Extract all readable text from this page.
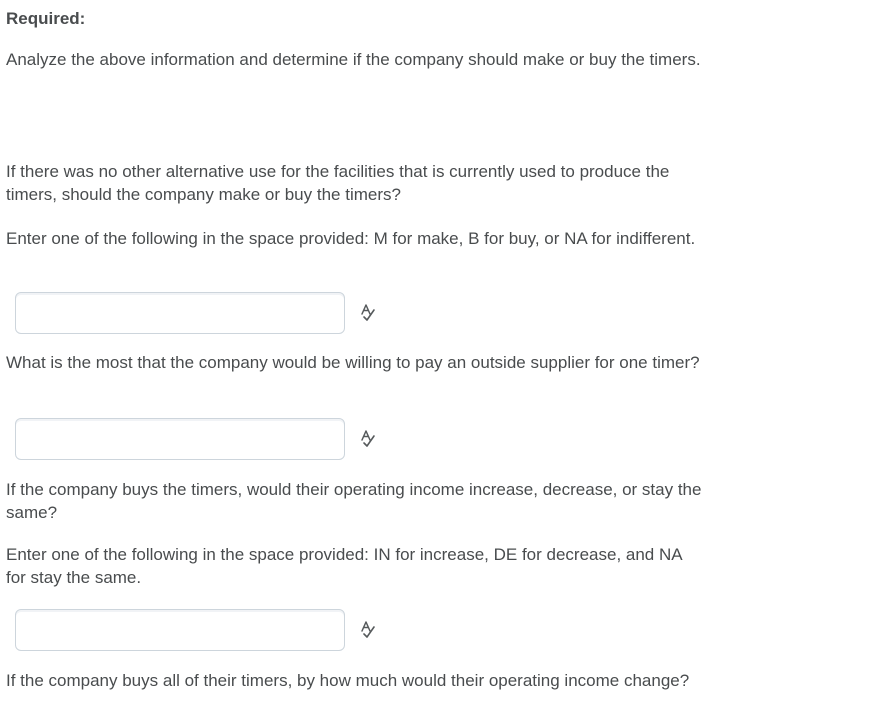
Required:

Analyze the above information and determine if the company should make or buy the timers.

If there was no other alternative use for the facilities that is currently used to produce the timers, should the company make or buy the timers?

Enter one of the following in the space provided: M for make, B for buy, or NA for indifferent.

What is the most that the company would be willing to pay an outside supplier for one timer?

If the company buys the timers, would their operating income increase, decrease, or stay the same?

Enter one of the following in the space provided: IN for increase, DE for decrease, and NA for stay the same.

If the company buys all of their timers, by how much would their operating income change?
